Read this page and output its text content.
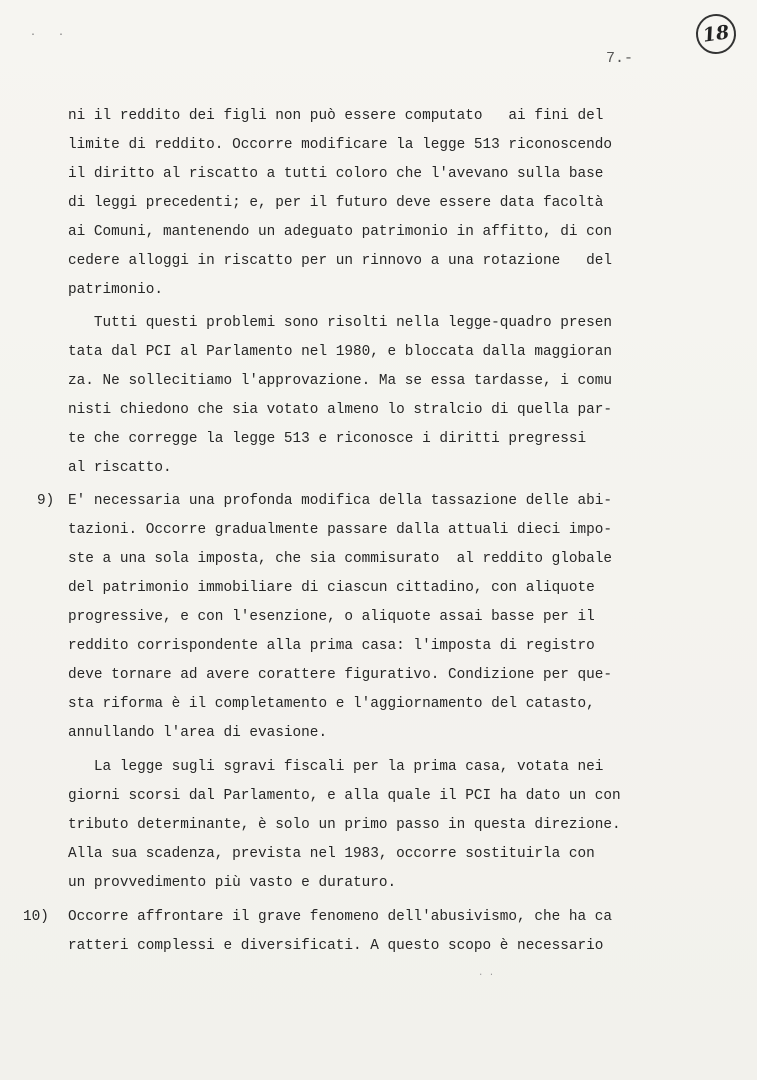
· ·	18
7.-
ni il reddito dei figli non può essere computato   ai fini del
limite di reddito. Occorre modificare la legge 513 riconoscendo
il diritto al riscatto a tutti coloro che l'avevano sulla base
di leggi precedenti; e, per il futuro deve essere data facoltà
ai Comuni, mantenendo un adeguato patrimonio in affitto, di con
cedere alloggi in riscatto per un rinnovo a una rotazione   del
patrimonio.
Tutti questi problemi sono risolti nella legge-quadro presen
tata dal PCI al Parlamento nel 1980, e bloccata dalla maggioran
za. Ne sollecitiamo l'approvazione. Ma se essa tardasse, i comu
nisti chiedono che sia votato almeno lo stralcio di quella par-
te che corregge la legge 513 e riconosce i diritti pregressi
al riscatto.
9) E' necessaria una profonda modifica della tassazione delle abi-
tazioni. Occorre gradualmente passare dalla attuali dieci impo-
ste a una sola imposta, che sia commisurato  al reddito globale
del patrimonio immobiliare di ciascun cittadino, con aliquote
progressive, e con l'esenzione, o aliquote assai basse per il
reddito corrispondente alla prima casa: l'imposta di registro
deve tornare ad avere corattere figurativo. Condizione per que-
sta riforma è il completamento e l'aggiornamento del catasto,
annullando l'area di evasione.
La legge sugli sgravi fiscali per la prima casa, votata nei
giorni scorsi dal Parlamento, e alla quale il PCI ha dato un con
tributo determinante, è solo un primo passo in questa direzione.
Alla sua scadenza, prevista nel 1983, occorre sostituirla con
un provvedimento più vasto e duraturo.
10) Occorre affrontare il grave fenomeno dell'abusivismo, che ha ca
ratteri complessi e diversificati. A questo scopo è necessario
· ·
